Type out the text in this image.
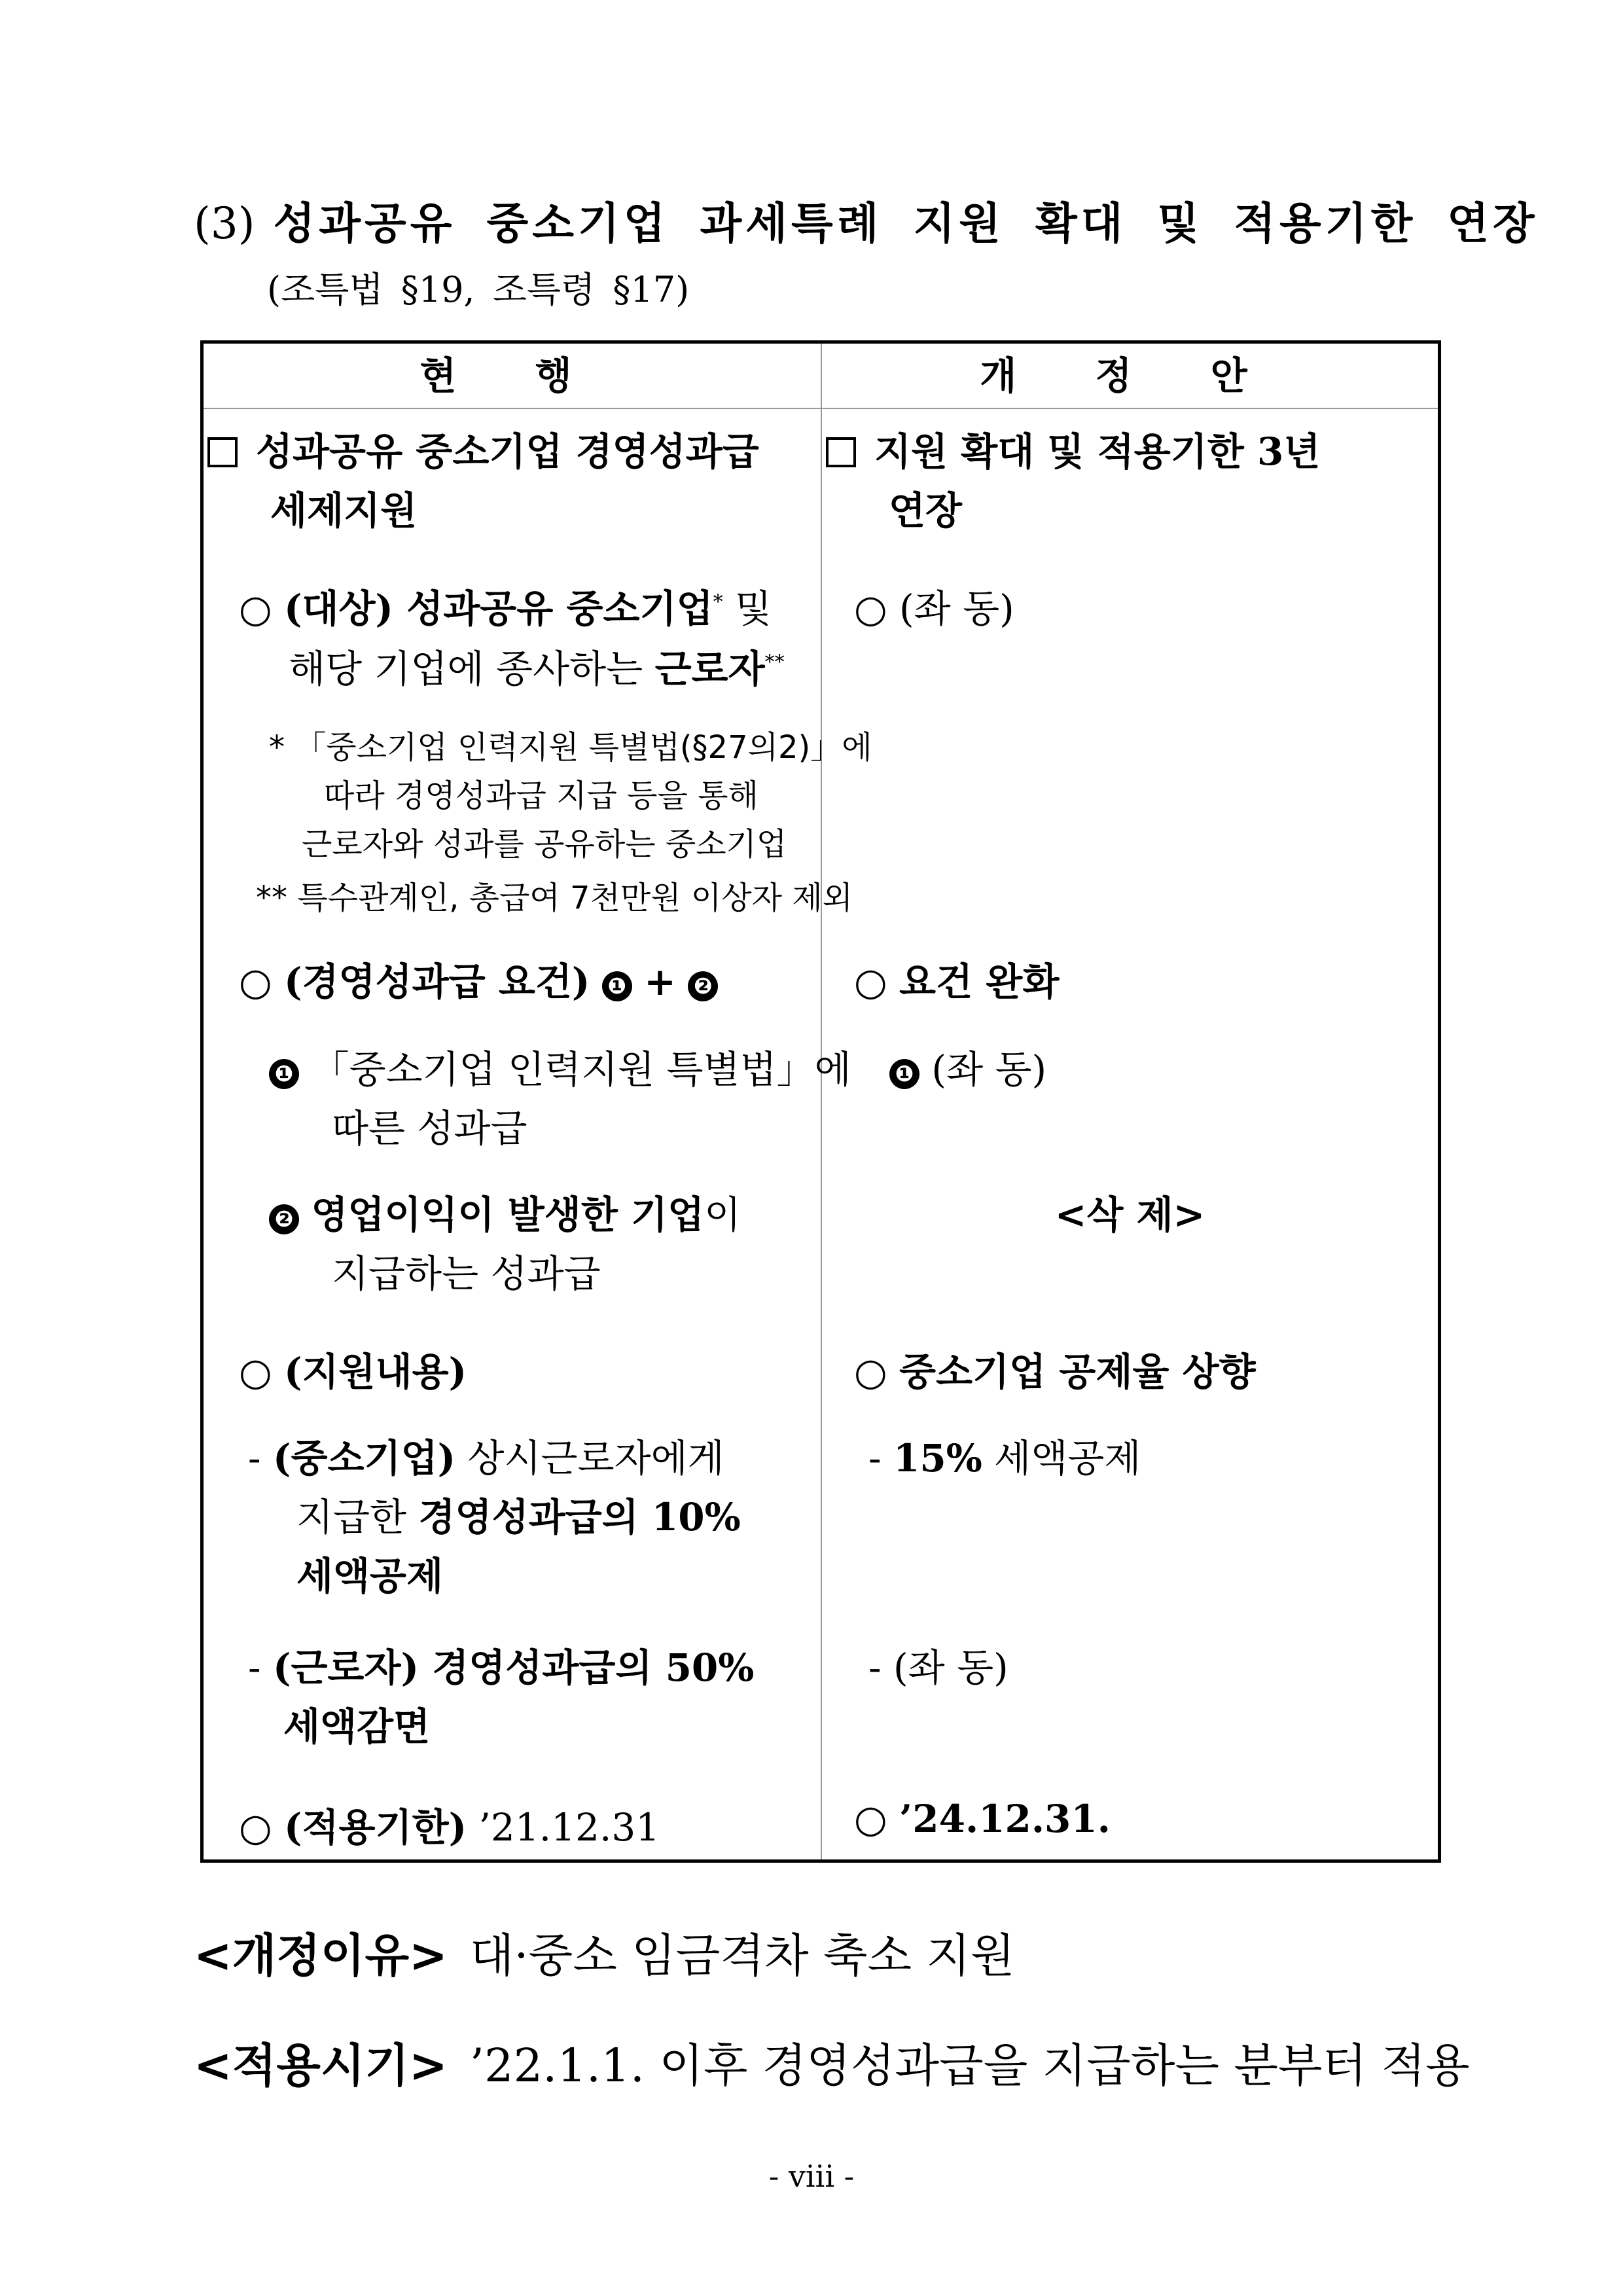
(3) 성과공유 중소기업 과세특례 지원 확대 및 적용기한 연장
(조특법 §19, 조특령 §17)
현 행	개 정 안
성과공유 중소기업 경영성과급
세제지원
○ (대상) 성과공유 중소기업* 및
해당 기업에 종사하는 근로자**
* 「중소기업 인력지원 특별법(§27의2)」에
따라 경영성과급 지급 등을 통해
근로자와 성과를 공유하는 중소기업
** 특수관계인, 총급여 7천만원 이상자 제외
○ (경영성과급 요건) ❶ + ❷
❶ 「중소기업 인력지원 특별법」에
따른 성과급
❷ 영업이익이 발생한 기업이
지급하는 성과급
○ (지원내용)
- (중소기업) 상시근로자에게
지급한 경영성과급의 10%
세액공제
- (근로자) 경영성과급의 50%
세액감면
○ (적용기한) ’21.12.31
지원 확대 및 적용기한 3년
연장
○ (좌 동)
○ 요건 완화
❶ (좌 동)
<삭 제>
○ 중소기업 공제율 상향
- 15% 세액공제
- (좌 동)
○ ’24.12.31.
<개정이유> 대·중소 임금격차 축소 지원
<적용시기> ’22.1.1. 이후 경영성과급을 지급하는 분부터 적용
- viii -
